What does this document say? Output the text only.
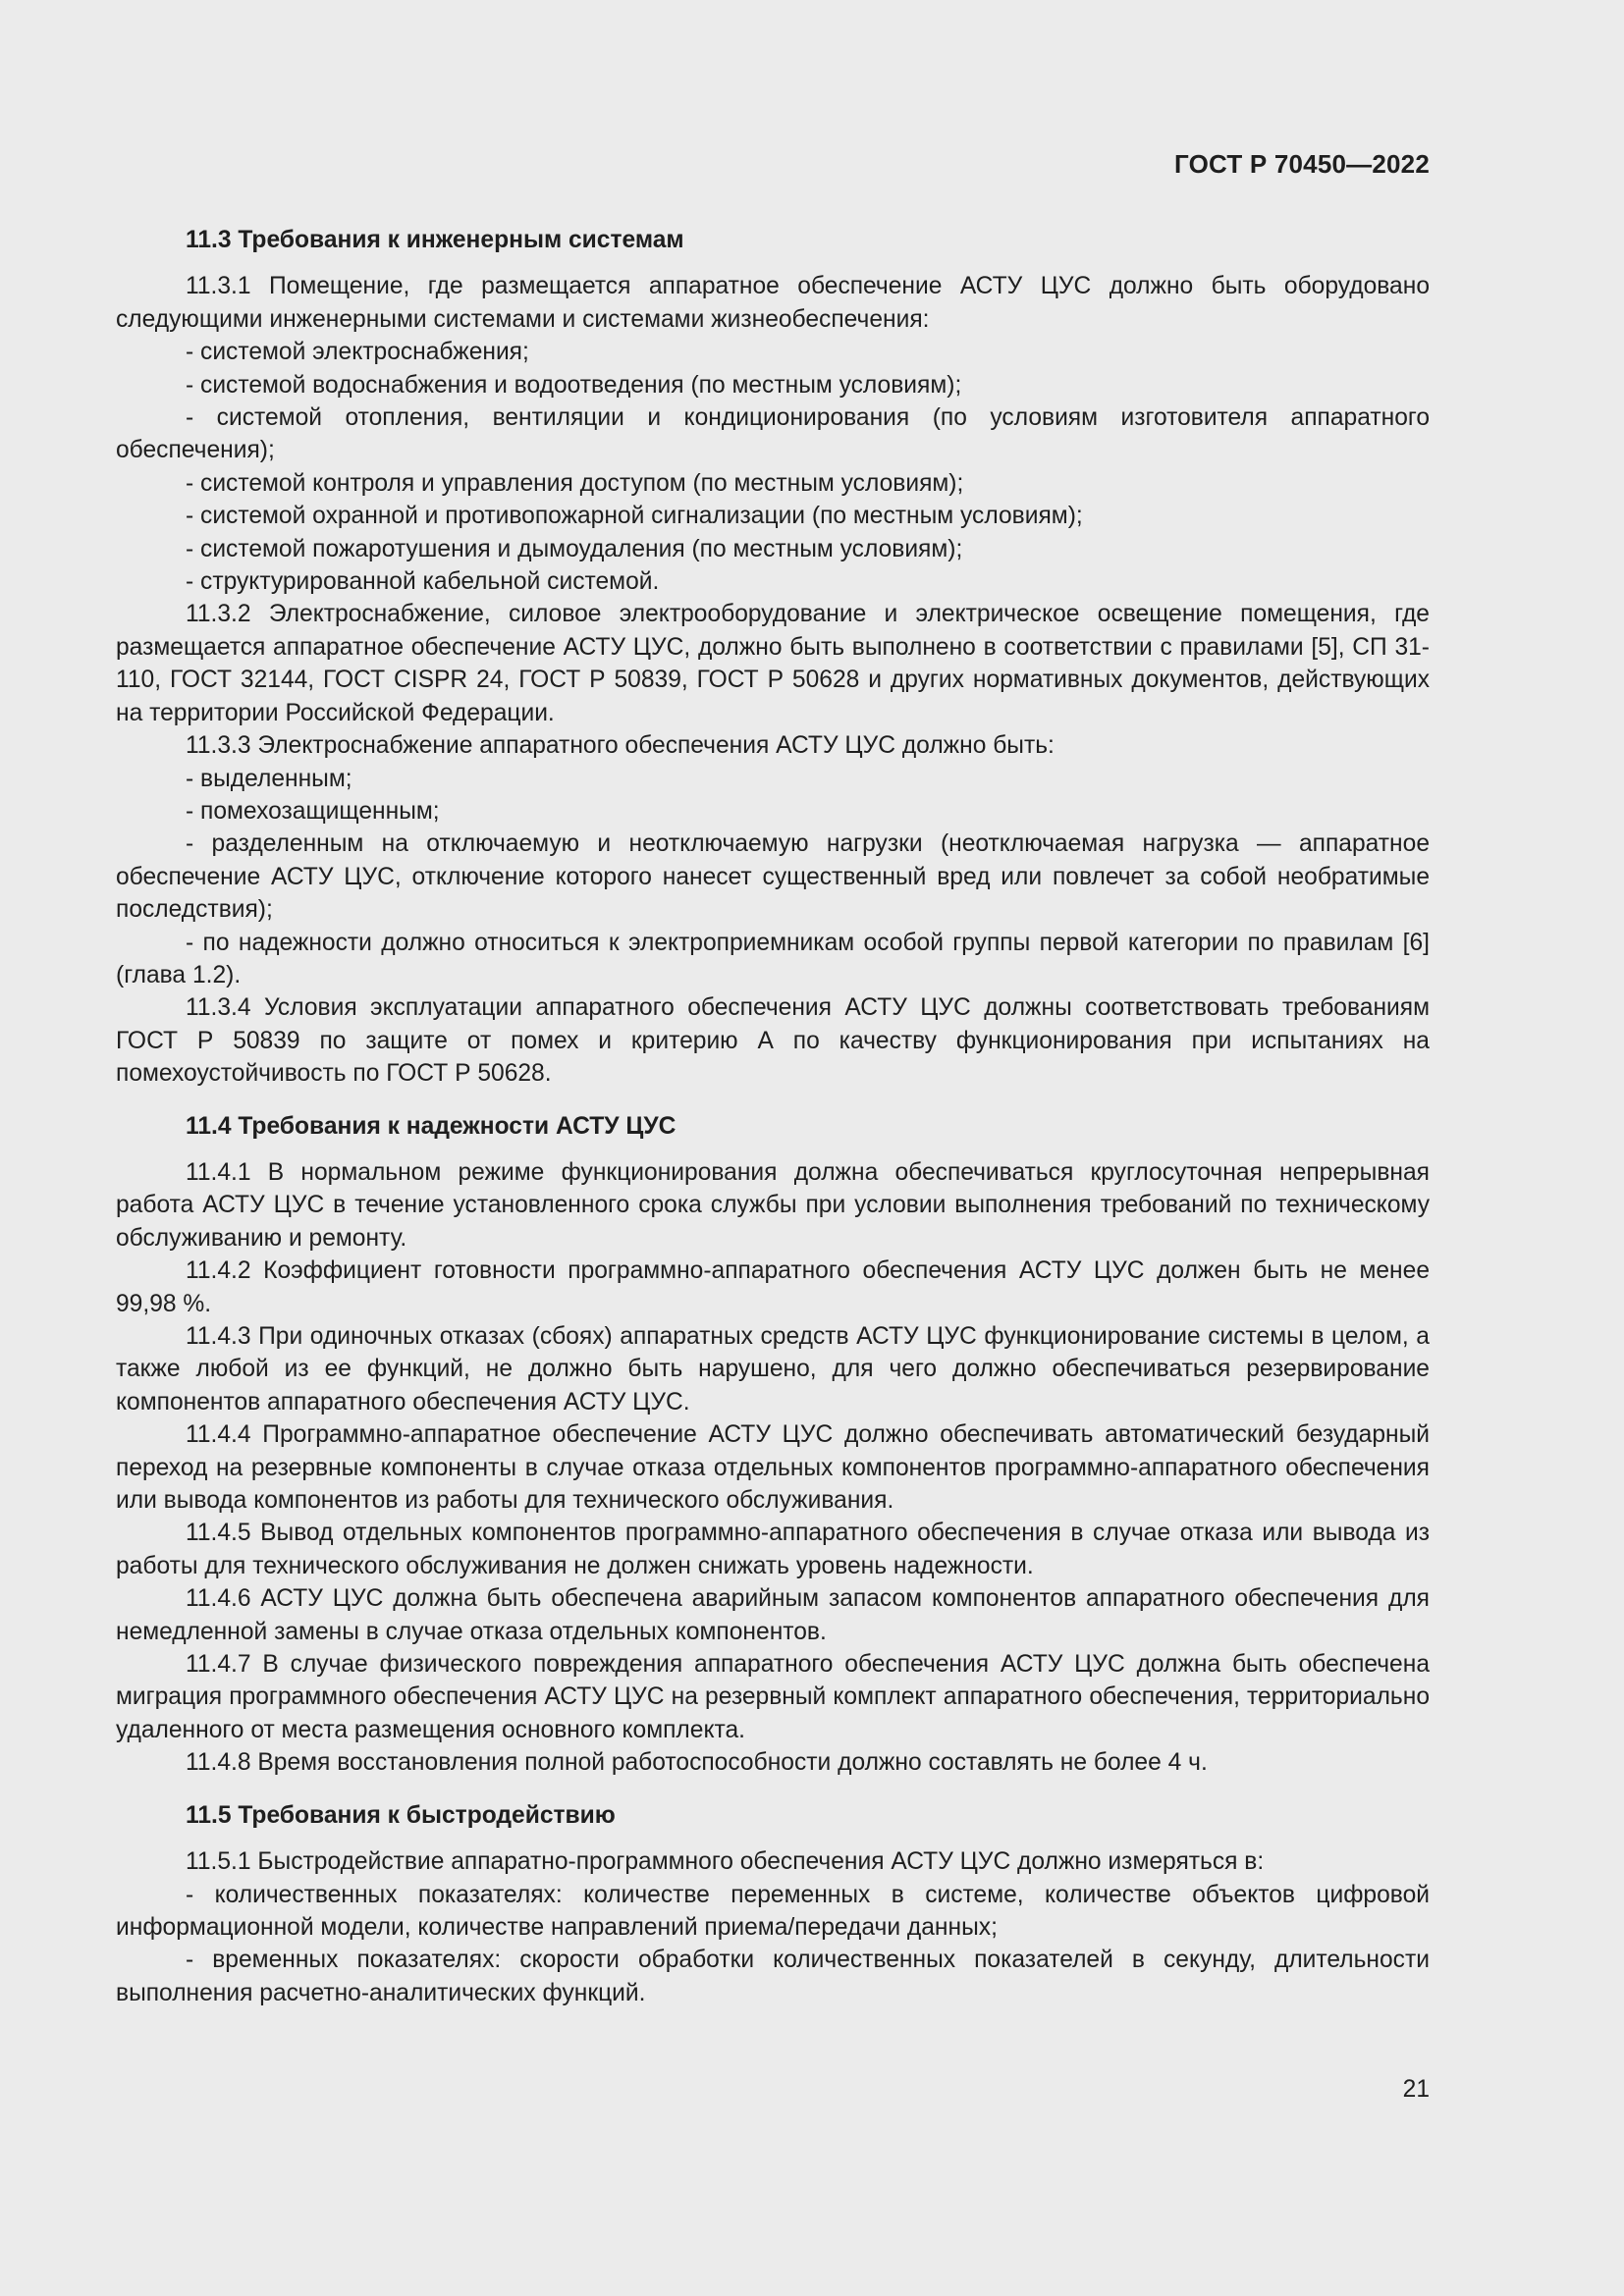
ГОСТ Р 70450—2022
11.3 Требования к инженерным системам

11.3.1 Помещение, где размещается аппаратное обеспечение АСТУ ЦУС должно быть оборудовано следующими инженерными системами и системами жизнеобеспечения:

- системой электроснабжения;

- системой водоснабжения и водоотведения (по местным условиям);

- системой отопления, вентиляции и кондиционирования (по условиям изготовителя аппаратного обеспечения);

- системой контроля и управления доступом (по местным условиям);

- системой охранной и противопожарной сигнализации (по местным условиям);

- системой пожаротушения и дымоудаления (по местным условиям);

- структурированной кабельной системой.

11.3.2 Электроснабжение, силовое электрооборудование и электрическое освещение помещения, где размещается аппаратное обеспечение АСТУ ЦУС, должно быть выполнено в соответствии с правилами [5], СП 31-110, ГОСТ 32144, ГОСТ CISPR 24, ГОСТ Р 50839, ГОСТ Р 50628 и других нормативных документов, действующих на территории Российской Федерации.

11.3.3 Электроснабжение аппаратного обеспечения АСТУ ЦУС должно быть:

- выделенным;

- помехозащищенным;

- разделенным на отключаемую и неотключаемую нагрузки (неотключаемая нагрузка — аппаратное обеспечение АСТУ ЦУС, отключение которого нанесет существенный вред или повлечет за собой необратимые последствия);

- по надежности должно относиться к электроприемникам особой группы первой категории по правилам [6] (глава 1.2).

11.3.4 Условия эксплуатации аппаратного обеспечения АСТУ ЦУС должны соответствовать требованиям ГОСТ Р 50839 по защите от помех и критерию А по качеству функционирования при испытаниях на помехоустойчивость по ГОСТ Р 50628.

11.4 Требования к надежности АСТУ ЦУС

11.4.1 В нормальном режиме функционирования должна обеспечиваться круглосуточная непрерывная работа АСТУ ЦУС в течение установленного срока службы при условии выполнения требований по техническому обслуживанию и ремонту.

11.4.2 Коэффициент готовности программно-аппаратного обеспечения АСТУ ЦУС должен быть не менее 99,98 %.

11.4.3 При одиночных отказах (сбоях) аппаратных средств АСТУ ЦУС функционирование системы в целом, а также любой из ее функций, не должно быть нарушено, для чего должно обеспечиваться резервирование компонентов аппаратного обеспечения АСТУ ЦУС.

11.4.4 Программно-аппаратное обеспечение АСТУ ЦУС должно обеспечивать автоматический безударный переход на резервные компоненты в случае отказа отдельных компонентов программно-аппаратного обеспечения или вывода компонентов из работы для технического обслуживания.

11.4.5 Вывод отдельных компонентов программно-аппаратного обеспечения в случае отказа или вывода из работы для технического обслуживания не должен снижать уровень надежности.

11.4.6 АСТУ ЦУС должна быть обеспечена аварийным запасом компонентов аппаратного обеспечения для немедленной замены в случае отказа отдельных компонентов.

11.4.7 В случае физического повреждения аппаратного обеспечения АСТУ ЦУС должна быть обеспечена миграция программного обеспечения АСТУ ЦУС на резервный комплект аппаратного обеспечения, территориально удаленного от места размещения основного комплекта.

11.4.8 Время восстановления полной работоспособности должно составлять не более 4 ч.

11.5 Требования к быстродействию

11.5.1 Быстродействие аппаратно-программного обеспечения АСТУ ЦУС должно измеряться в:

- количественных показателях: количестве переменных в системе, количестве объектов цифровой информационной модели, количестве направлений приема/передачи данных;

- временных показателях: скорости обработки количественных показателей в секунду, длительности выполнения расчетно-аналитических функций.

21
